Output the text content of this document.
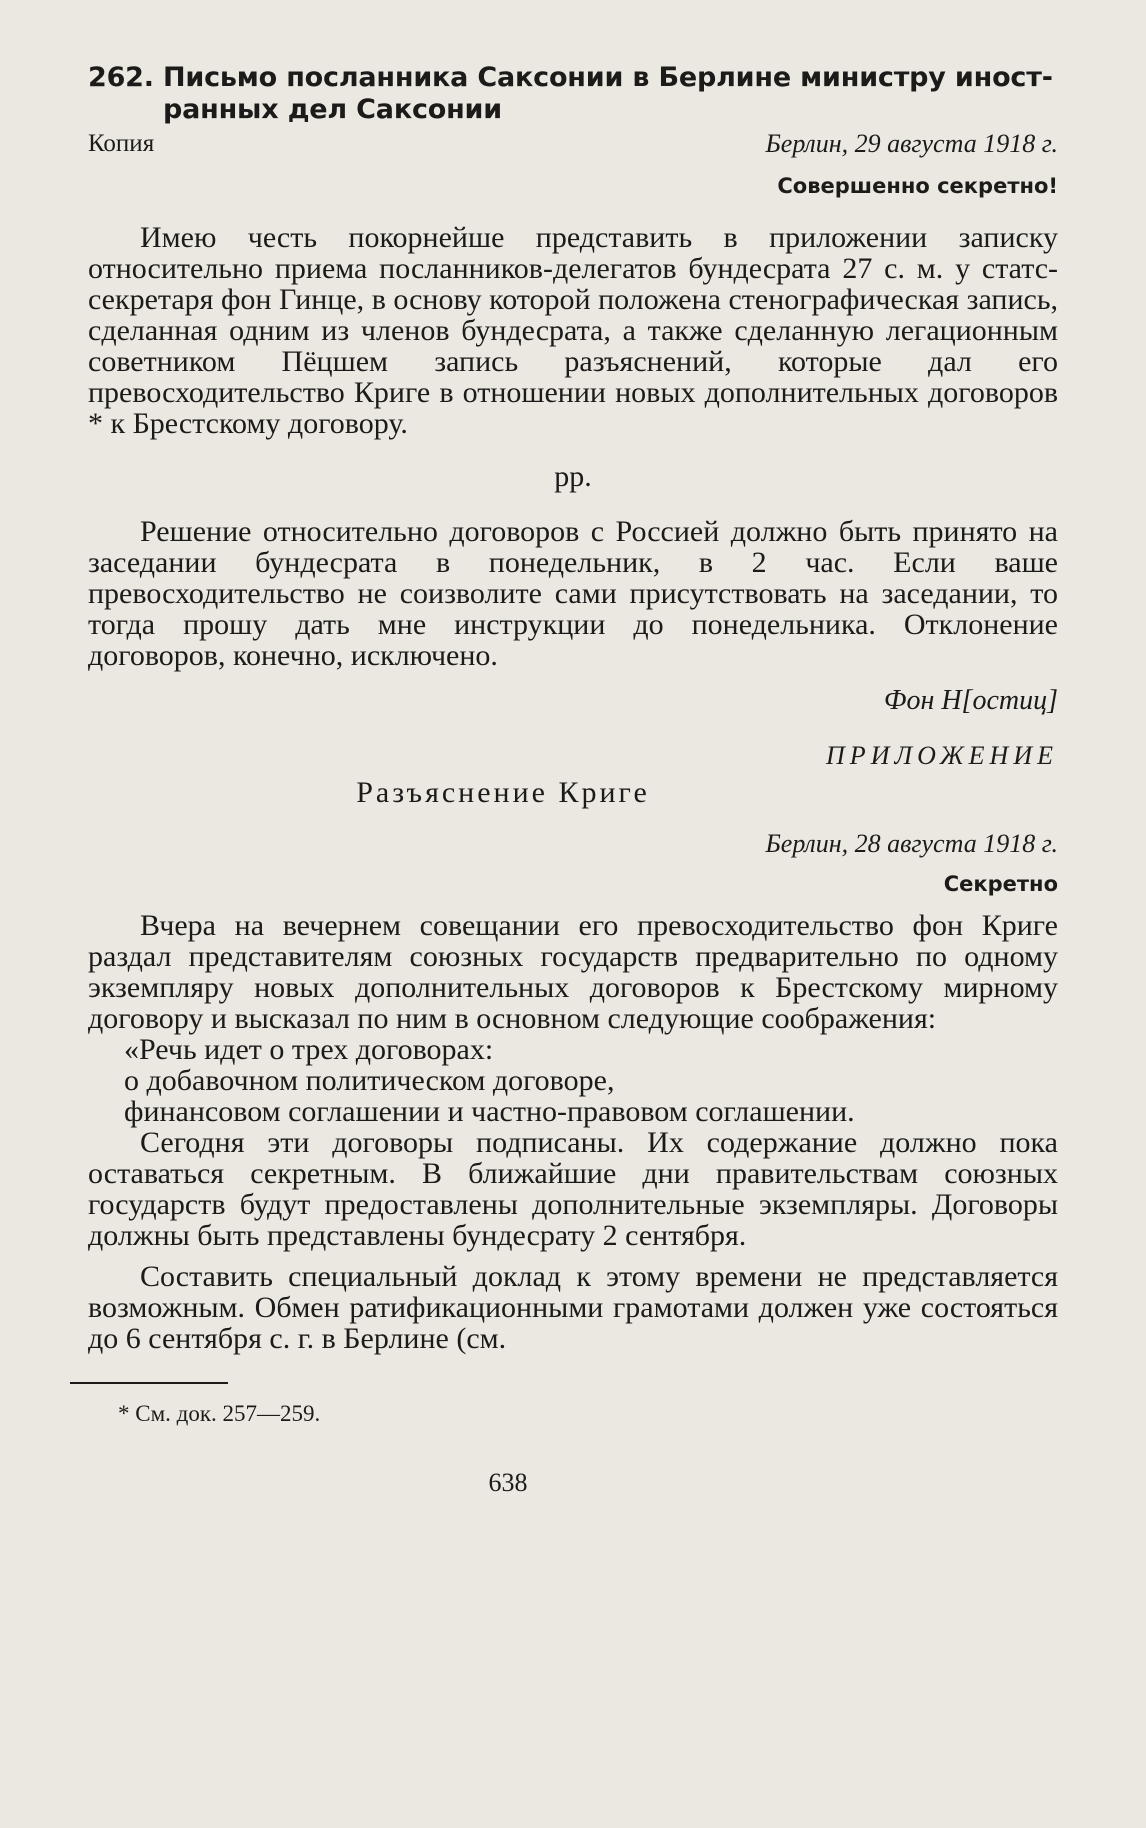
262. Письмо посланника Саксонии в Берлине министру иностранных дел Саксонии
Копия	Берлин, 29 августа 1918 г.
Совершенно секретно!

Имею честь покорнейше представить в приложении записку относительно приема посланников-делегатов бундесрата 27 с. м. у статс-секретаря фон Гинце, в основу которой положена стенографическая запись, сделанная одним из членов бундесрата, а также сделанную легационным советником Пёцшем запись разъяснений, которые дал его превосходительство Криге в отношении новых дополнительных договоров * к Брестскому договору.

рр.

Решение относительно договоров с Россией должно быть принято на заседании бундесрата в понедельник, в 2 час. Если ваше превосходительство не соизволите сами присутствовать на заседании, то тогда прошу дать мне инструкции до понедельника. Отклонение договоров, конечно, исключено.

Фон Н[остиц]
ПРИЛОЖЕНИЕ
Разъяснение Криге
Берлин, 28 августа 1918 г.
Секретно

Вчера на вечернем совещании его превосходительство фон Криге раздал представителям союзных государств предварительно по одному экземпляру новых дополнительных договоров к Брестскому мирному договору и высказал по ним в основном следующие соображения:

«Речь идет о трех договорах:

о добавочном политическом договоре,

финансовом соглашении и частно-правовом соглашении.

Сегодня эти договоры подписаны. Их содержание должно пока оставаться секретным. В ближайшие дни правительствам союзных государств будут предоставлены дополнительные экземпляры. Договоры должны быть представлены бундесрату 2 сентября.

Составить специальный доклад к этому времени не представляется возможным. Обмен ратификационными грамотами должен уже состояться до 6 сентября с. г. в Берлине (см.

* См. док. 257—259.
638
